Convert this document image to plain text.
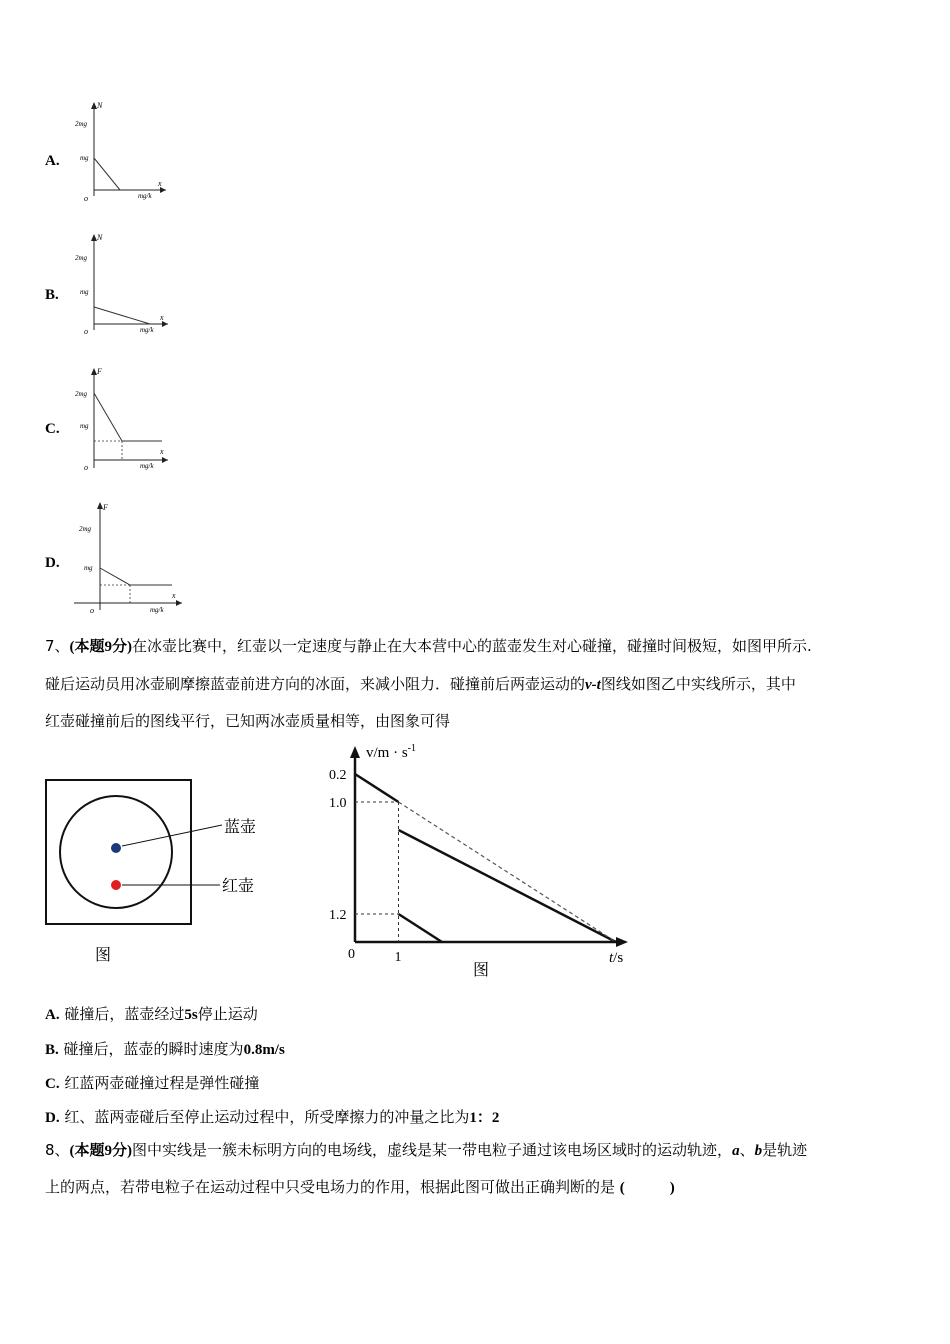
A.
N
x
o
2mg
mg
mg/k
B.
N
x
o
2mg
mg
mg/k
C.
F
x
o
2mg
mg
mg/k
D.
F
x
o
2mg
mg
mg/k
7、(本题9分)在冰壶比赛中，红壶以一定速度与静止在大本营中心的蓝壶发生对心碰撞，碰撞时间极短，如图甲所示.
碰后运动员用冰壶刷摩擦蓝壶前进方向的冰面，来减小阻力．碰撞前后两壶运动的v-t图线如图乙中实线所示，其中
红壶碰撞前后的图线平行，已知两冰壶质量相等，由图象可得
蓝壶
红壶
图
1.2
1.0
0.2
1
$v/m \cdot s^{-1}$
t/s
0
图
A. 碰撞后，蓝壶经过5s停止运动
B. 碰撞后，蓝壶的瞬时速度为0.8m/s
C. 红蓝两壶碰撞过程是弹性碰撞
D. 红、蓝两壶碰后至停止运动过程中，所受摩擦力的冲量之比为1：2
8、(本题9分)图中实线是一簇未标明方向的电场线，虚线是某一带电粒子通过该电场区域时的运动轨迹，a、b是轨迹
上的两点，若带电粒子在运动过程中只受电场力的作用，根据此图可做出正确判断的是 (　　　)
